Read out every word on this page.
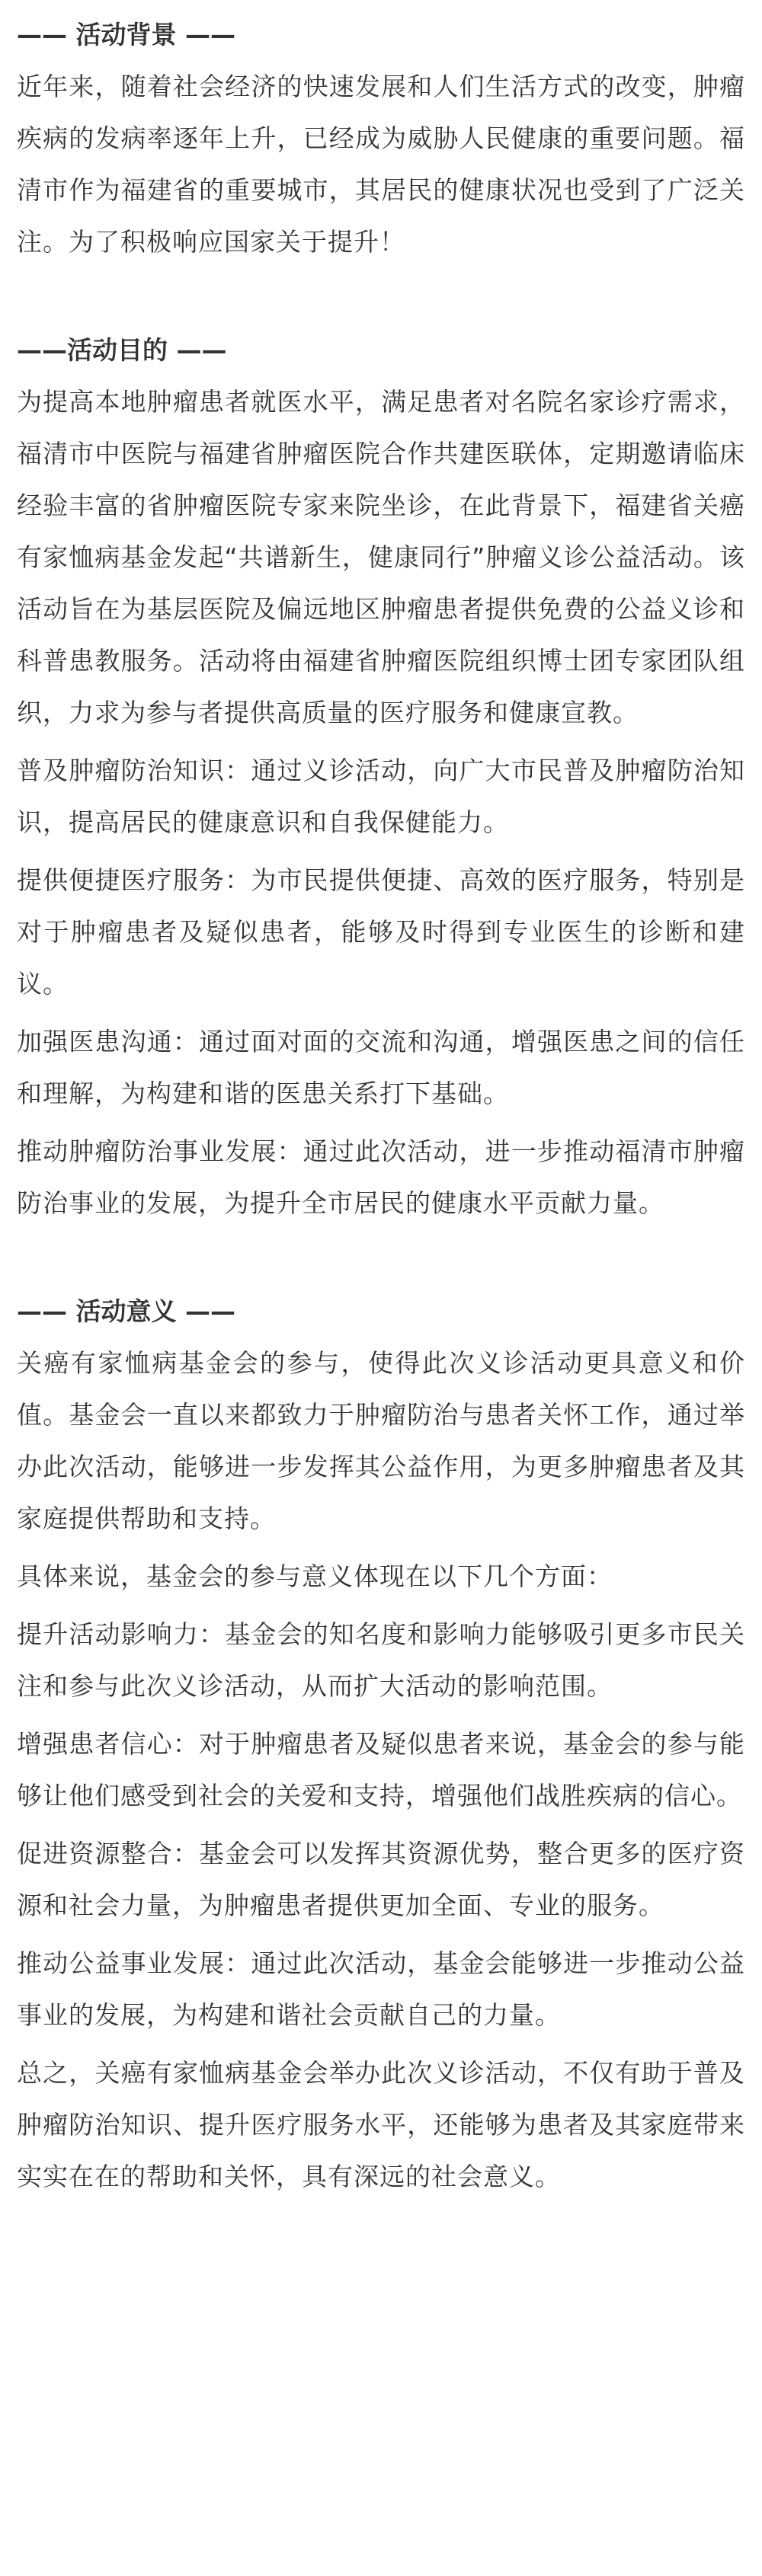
—— 活动背景 ——

近年来，随着社会经济的快速发展和人们生活方式的改变，肿瘤疾病的发病率逐年上升，已经成为威胁人民健康的重要问题。福清市作为福建省的重要城市，其居民的健康状况也受到了广泛关注。为了积极响应国家关于提升！

——活动目的 ——

为提高本地肿瘤患者就医水平，满足患者对名院名家诊疗需求，福清市中医院与福建省肿瘤医院合作共建医联体，定期邀请临床经验丰富的省肿瘤医院专家来院坐诊，在此背景下，福建省关癌有家恤病基金发起“共谱新生，健康同行”肿瘤义诊公益活动。该活动旨在为基层医院及偏远地区肿瘤患者提供免费的公益义诊和科普患教服务。活动将由福建省肿瘤医院组织博士团专家团队组织，力求为参与者提供高质量的医疗服务和健康宣教。

普及肿瘤防治知识：通过义诊活动，向广大市民普及肿瘤防治知识，提高居民的健康意识和自我保健能力。

提供便捷医疗服务：为市民提供便捷、高效的医疗服务，特别是对于肿瘤患者及疑似患者，能够及时得到专业医生的诊断和建议。

加强医患沟通：通过面对面的交流和沟通，增强医患之间的信任和理解，为构建和谐的医患关系打下基础。

推动肿瘤防治事业发展：通过此次活动，进一步推动福清市肿瘤防治事业的发展，为提升全市居民的健康水平贡献力量。

—— 活动意义 ——

关癌有家恤病基金会的参与，使得此次义诊活动更具意义和价值。基金会一直以来都致力于肿瘤防治与患者关怀工作，通过举办此次活动，能够进一步发挥其公益作用，为更多肿瘤患者及其家庭提供帮助和支持。

具体来说，基金会的参与意义体现在以下几个方面：

提升活动影响力：基金会的知名度和影响力能够吸引更多市民关注和参与此次义诊活动，从而扩大活动的影响范围。

增强患者信心：对于肿瘤患者及疑似患者来说，基金会的参与能够让他们感受到社会的关爱和支持，增强他们战胜疾病的信心。

促进资源整合：基金会可以发挥其资源优势，整合更多的医疗资源和社会力量，为肿瘤患者提供更加全面、专业的服务。

推动公益事业发展：通过此次活动，基金会能够进一步推动公益事业的发展，为构建和谐社会贡献自己的力量。

总之，关癌有家恤病基金会举办此次义诊活动，不仅有助于普及肿瘤防治知识、提升医疗服务水平，还能够为患者及其家庭带来实实在在的帮助和关怀，具有深远的社会意义。
